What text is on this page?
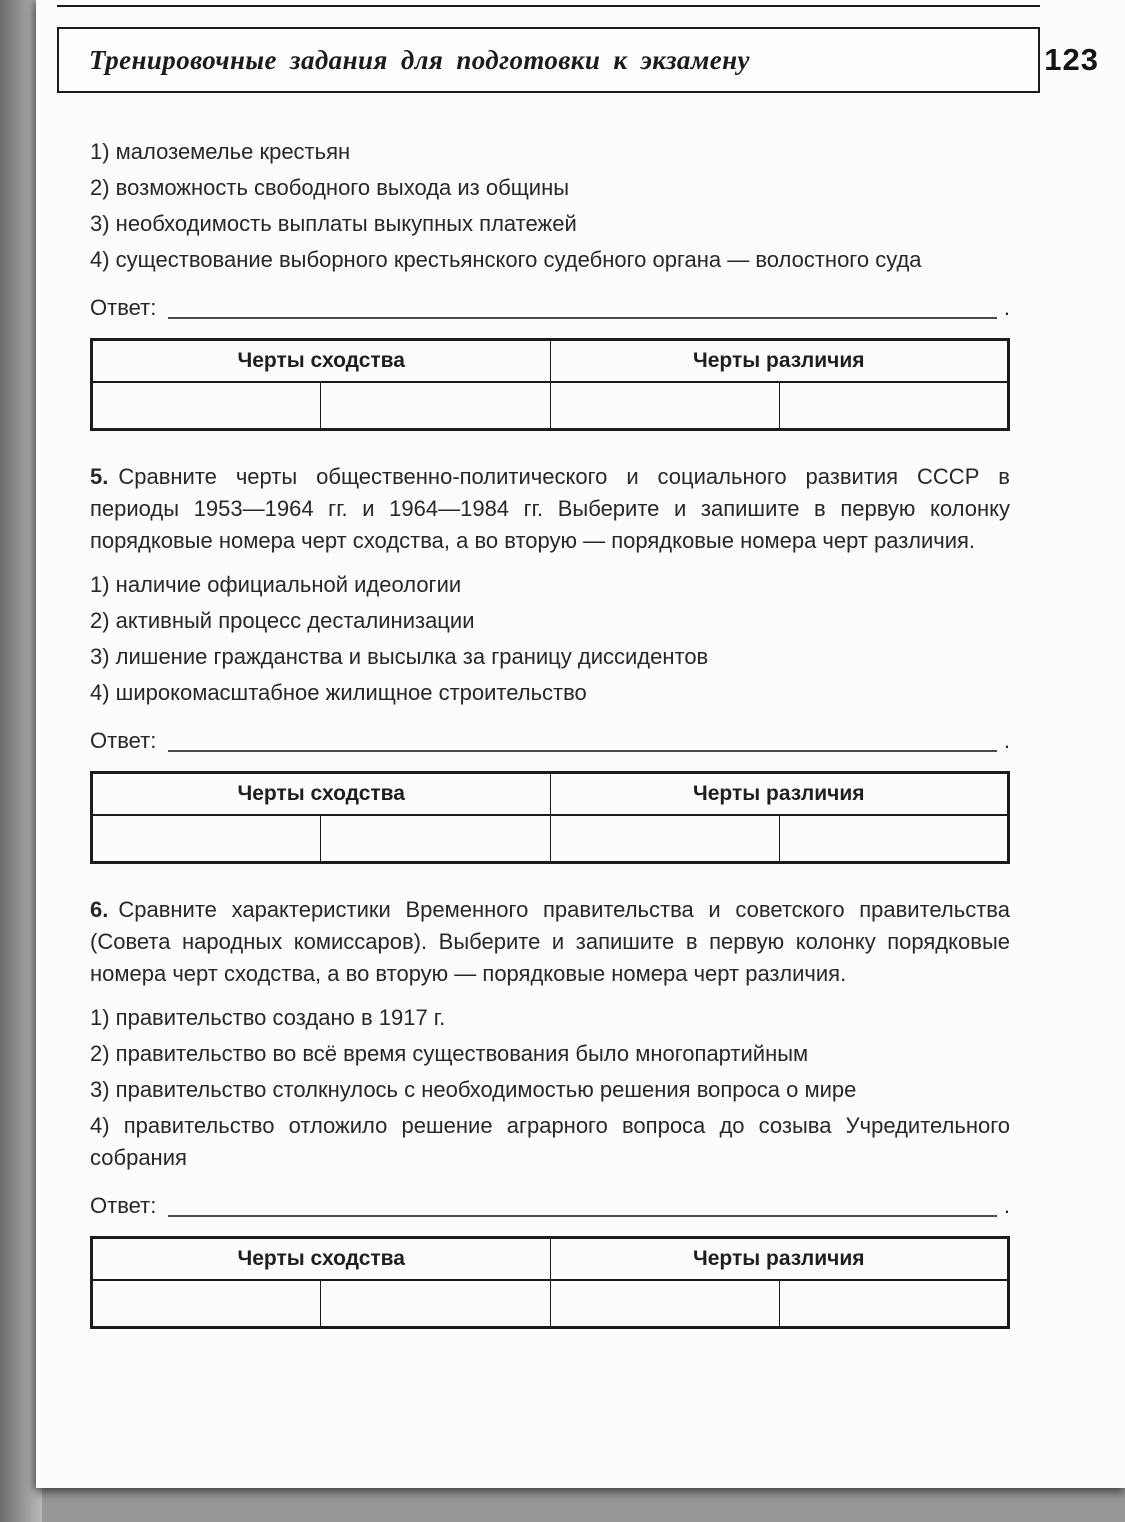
Тренировочные задания для подготовки к экзамену	123
1) малоземелье крестьян
2) возможность свободного выхода из общины
3) необходимость выплаты выкупных платежей
4) существование выборного крестьянского судебного органа — волостного суда
Ответ:	.
Черты сходства		Черты различия	

5. Сравните черты общественно-политического и социального развития СССР в периоды 1953—1964 гг. и 1964—1984 гг. Выберите и запишите в первую колонку порядковые номера черт сходства, а во вторую — порядковые номера черт различия.

1) наличие официальной идеологии
2) активный процесс десталинизации
3) лишение гражданства и высылка за границу диссидентов
4) широкомасштабное жилищное строительство
Ответ:	.
Черты сходства		Черты различия	

6. Сравните характеристики Временного правительства и советского правительства (Совета народных комиссаров). Выберите и запишите в первую колонку порядковые номера черт сходства, а во вторую — порядковые номера черт различия.

1) правительство создано в 1917 г.
2) правительство во всё время существования было многопартийным
3) правительство столкнулось с необходимостью решения вопроса о мире
4) правительство отложило решение аграрного вопроса до созыва Учредительного собрания
Ответ:	.
Черты сходства		Черты различия	
